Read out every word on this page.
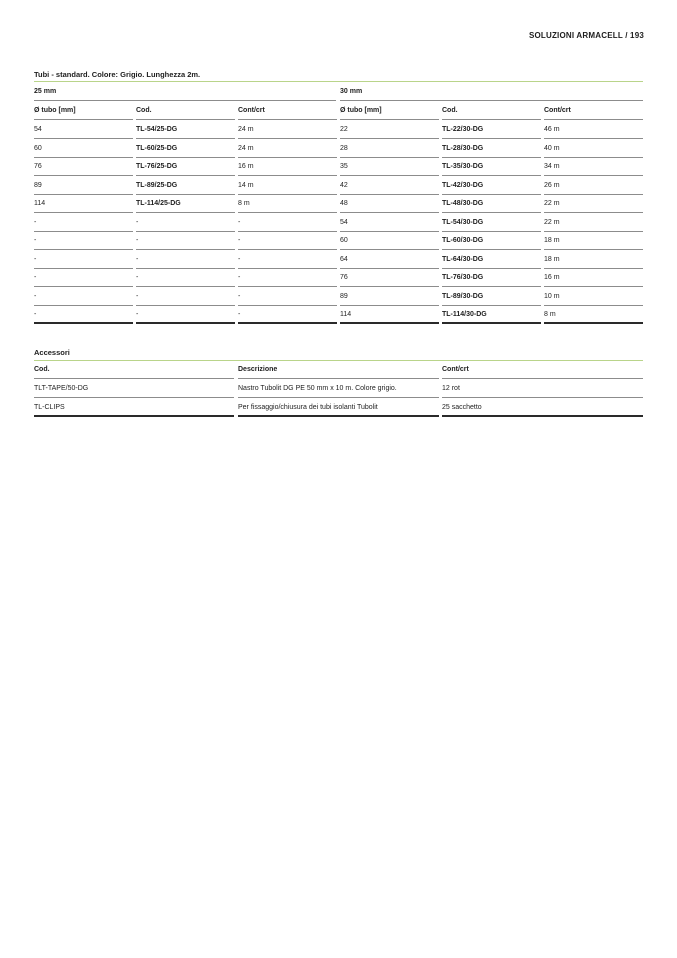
SOLUZIONI ARMACELL / 193
Tubi - standard. Colore: Grigio. Lunghezza 2m.
25 mm	30 mm
Ø tubo [mm]	Cod.	Cont/crt	Ø tubo [mm]	Cod.	Cont/crt
54	TL-54/25-DG	24 m	22	TL-22/30-DG	46 m
60	TL-60/25-DG	24 m	28	TL-28/30-DG	40 m
76	TL-76/25-DG	16 m	35	TL-35/30-DG	34 m
89	TL-89/25-DG	14 m	42	TL-42/30-DG	26 m
114	TL-114/25-DG	8 m	48	TL-48/30-DG	22 m
-	-	-	54	TL-54/30-DG	22 m
-	-	-	60	TL-60/30-DG	18 m
-	-	-	64	TL-64/30-DG	18 m
-	-	-	76	TL-76/30-DG	16 m
-	-	-	89	TL-89/30-DG	10 m
-	-	-	114	TL-114/30-DG	8 m
Accessori
Cod.	Descrizione	Cont/crt
TLT-TAPE/50-DG	Nastro Tubolit DG PE 50 mm x 10 m. Colore grigio.	12 rot
TL-CLIPS	Per fissaggio/chiusura dei tubi isolanti Tubolit	25 sacchetto
